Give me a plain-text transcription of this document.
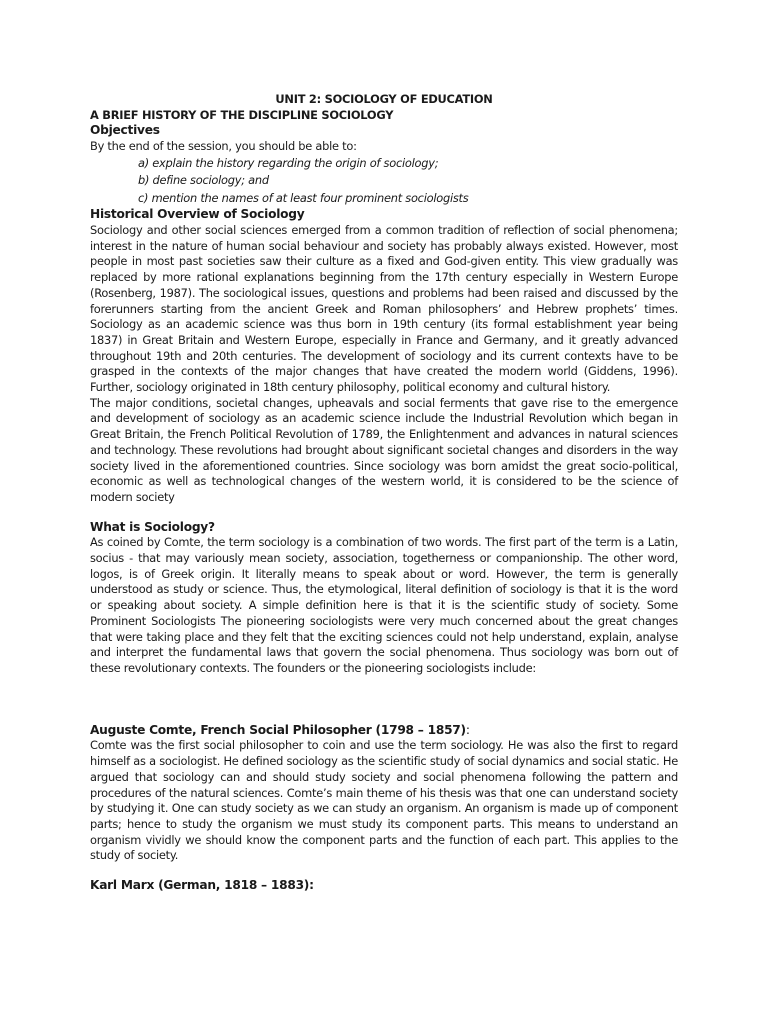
UNIT 2: SOCIOLOGY OF EDUCATION

A BRIEF HISTORY OF THE DISCIPLINE SOCIOLOGY

Objectives

By the end of the session, you should be able to:

a) explain the history regarding the origin of sociology;
b) define sociology; and
c) mention the names of at least four prominent sociologists

Historical Overview of Sociology

Sociology and other social sciences emerged from a common tradition of reflection of social phenomena; interest in the nature of human social behaviour and society has probably always existed. However, most people in most past societies saw their culture as a fixed and God-given entity. This view gradually was replaced by more rational explanations beginning from the 17th century especially in Western Europe (Rosenberg, 1987). The sociological issues, questions and problems had been raised and discussed by the forerunners starting from the ancient Greek and Roman philosophers’ and Hebrew prophets’ times. Sociology as an academic science was thus born in 19th century (its formal establishment year being 1837) in Great Britain and Western Europe, especially in France and Germany, and it greatly advanced throughout 19th and 20th centuries. The development of sociology and its current contexts have to be grasped in the contexts of the major changes that have created the modern world (Giddens, 1996). Further, sociology originated in 18th century philosophy, political economy and cultural history.

The major conditions, societal changes, upheavals and social ferments that gave rise to the emergence and development of sociology as an academic science include the Industrial Revolution which began in Great Britain, the French Political Revolution of 1789, the Enlightenment and advances in natural sciences and technology. These revolutions had brought about significant societal changes and disorders in the way society lived in the aforementioned countries. Since sociology was born amidst the great socio-political, economic as well as technological changes of the western world, it is considered to be the science of modern society

What is Sociology?

As coined by Comte, the term sociology is a combination of two words. The first part of the term is a Latin, socius - that may variously mean society, association, togetherness or companionship. The other word, logos, is of Greek origin. It literally means to speak about or word. However, the term is generally understood as study or science. Thus, the etymological, literal definition of sociology is that it is the word or speaking about society. A simple definition here is that it is the scientific study of society. Some Prominent Sociologists The pioneering sociologists were very much concerned about the great changes that were taking place and they felt that the exciting sciences could not help understand, explain, analyse and interpret the fundamental laws that govern the social phenomena. Thus sociology was born out of these revolutionary contexts. The founders or the pioneering sociologists include:

Auguste Comte, French Social Philosopher (1798 – 1857):

Comte was the first social philosopher to coin and use the term sociology. He was also the first to regard himself as a sociologist. He defined sociology as the scientific study of social dynamics and social static. He argued that sociology can and should study society and social phenomena following the pattern and procedures of the natural sciences. Comte’s main theme of his thesis was that one can understand society by studying it. One can study society as we can study an organism. An organism is made up of component parts; hence to study the organism we must study its component parts. This means to understand an organism vividly we should know the component parts and the function of each part. This applies to the study of society.

Karl Marx (German, 1818 – 1883):
